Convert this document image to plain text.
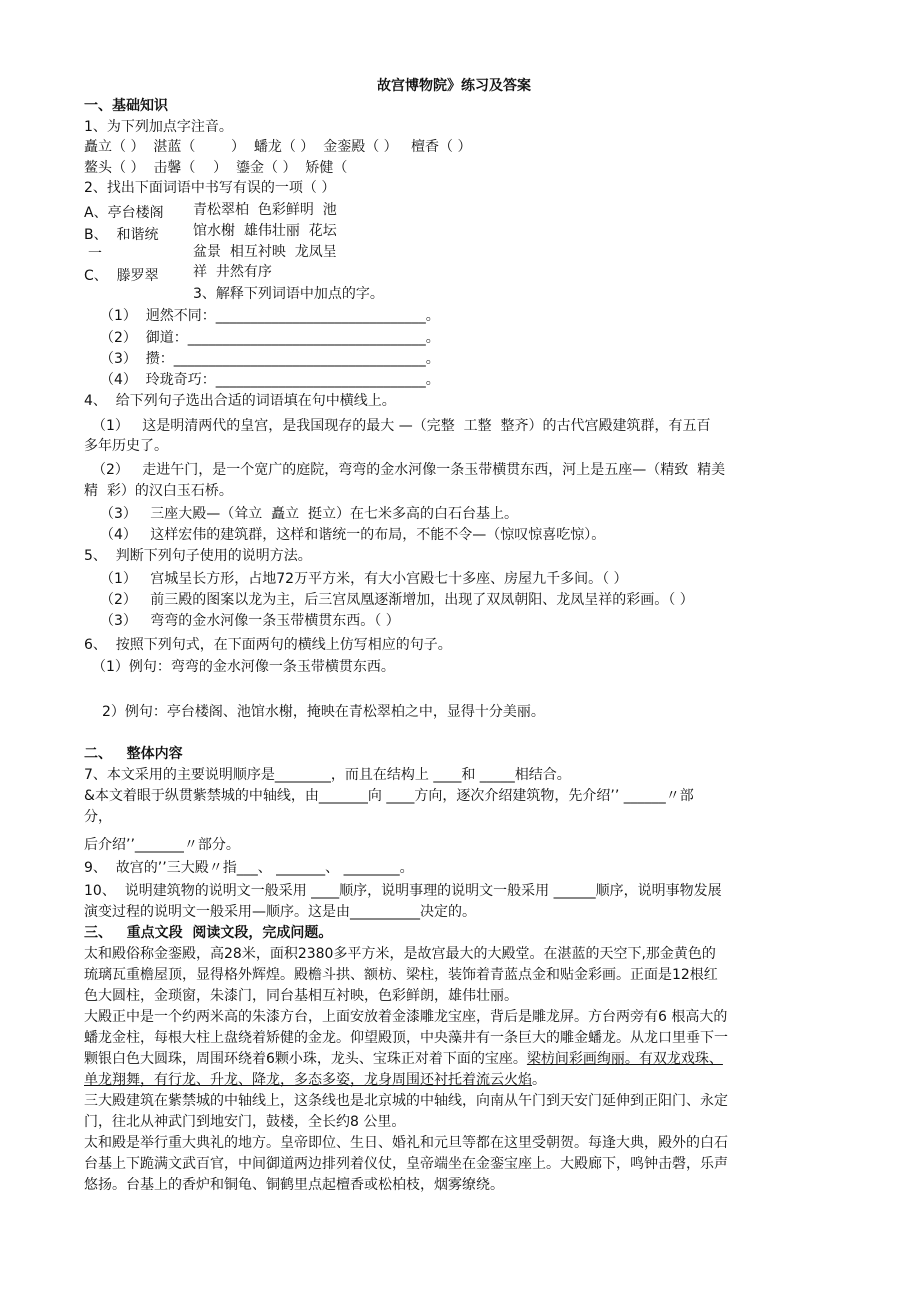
故宫博物院》练习及答案
一、基础知识
1、为下列加点字注音。
矗立（ ）  湛蓝（        ）  蟠龙（ ）  金銮殿（ ）   檀香（ ）
鳌头（ ）  击馨（    ）  鎏金（ ）  矫健（
2、找出下面词语中书写有误的一项（ ）
A、亭台楼阁 青松翠柏  色彩鲜明  池
B、  和谐统 馆水榭  雄伟壮丽  花坛
一	盆景  相互衬映  龙凤呈
C、  滕罗翠 祥  井然有序
3、解释下列词语中加点的字。
（1）  迥然不同：______________________________。
（2）  御道：__________________________________。
（3）  攒：____________________________________。
（4）  玲珑奇巧：______________________________。
4、  给下列句子选出合适的词语填在句中横线上。
（1）   这是明清两代的皇宫，是我国现存的最大 —（完整  工整  整齐）的古代宫殿建筑群，有五百
多年历史了。
（2）   走进午门，是一个宽广的庭院，弯弯的金水河像一条玉带横贯东西，河上是五座—（精致  精美
精  彩）的汉白玉石桥。
（3）   三座大殿—（耸立  矗立  挺立）在七米多高的白石台基上。
（4）   这样宏伟的建筑群，这样和谐统一的布局，不能不令—（惊叹惊喜吃惊）。
5、  判断下列句子使用的说明方法。
（1）   宫城呈长方形，占地72万平方米，有大小宫殿七十多座、房屋九千多间。（ ）
（2）   前三殿的图案以龙为主，后三宫凤凰逐渐增加，出现了双凤朝阳、龙凤呈祥的彩画。（ ）
（3）   弯弯的金水河像一条玉带横贯东西。（ ）
6、  按照下列句式，在下面两句的横线上仿写相应的句子。
（1）例句：弯弯的金水河像一条玉带横贯东西。
2）例句：亭台楼阁、池馆水榭，掩映在青松翠柏之中，显得十分美丽。
二、   整体内容
7、本文采用的主要说明顺序是________，而且在结构上 ____和 _____相结合。
&本文着眼于纵贯紫禁城的中轴线，由_______向 ____方向，逐次介绍建筑物，先介绍’’ ______〃部
分，
后介绍’’_______〃部分。
9、  故宫的’’三大殿〃指___、 _______、 ________。
10、  说明建筑物的说明文一般采用 ____顺序，说明事理的说明文一般采用 ______顺序，说明事物发展
演变过程的说明文一般采用—顺序。这是由__________决定的。
三、   重点文段  阅读文段，完成问题。
太和殿俗称金銮殿，高28米，面积2380多平方米，是故宫最大的大殿堂。在湛蓝的天空下,那金黄色的
琉璃瓦重檐屋顶，显得格外辉煌。殿檐斗拱、额枋、梁柱，装饰着青蓝点金和贴金彩画。正面是12根红
色大圆柱，金琐窗，朱漆门，同台基相互衬映，色彩鲜朗，雄伟壮丽。
大殿正中是一个约两米高的朱漆方台，上面安放着金漆雕龙宝座，背后是雕龙屏。方台两旁有6 根高大的
蟠龙金柱，每根大柱上盘绕着矫健的金龙。仰望殿顶，中央藻井有一条巨大的雕金蟠龙。从龙口里垂下一
颗银白色大圆珠，周围环绕着6颗小珠，龙头、宝珠正对着下面的宝座。梁枋间彩画绚丽。有双龙戏珠、
单龙翔舞，有行龙、升龙、降龙，多态多姿，龙身周围还衬托着流云火焰。
三大殿建筑在紫禁城的中轴线上，这条线也是北京城的中轴线，向南从午门到天安门延伸到正阳门、永定
门，往北从神武门到地安门，鼓楼，全长约8 公里。
太和殿是举行重大典礼的地方。皇帝即位、生日、婚礼和元旦等都在这里受朝贺。每逢大典，殿外的白石
台基上下跪满文武百官，中间御道两边排列着仪仗，皇帝端坐在金銮宝座上。大殿廊下，鸣钟击磬，乐声
悠扬。台基上的香炉和铜龟、铜鹤里点起檀香或松柏枝，烟雾缭绕。
